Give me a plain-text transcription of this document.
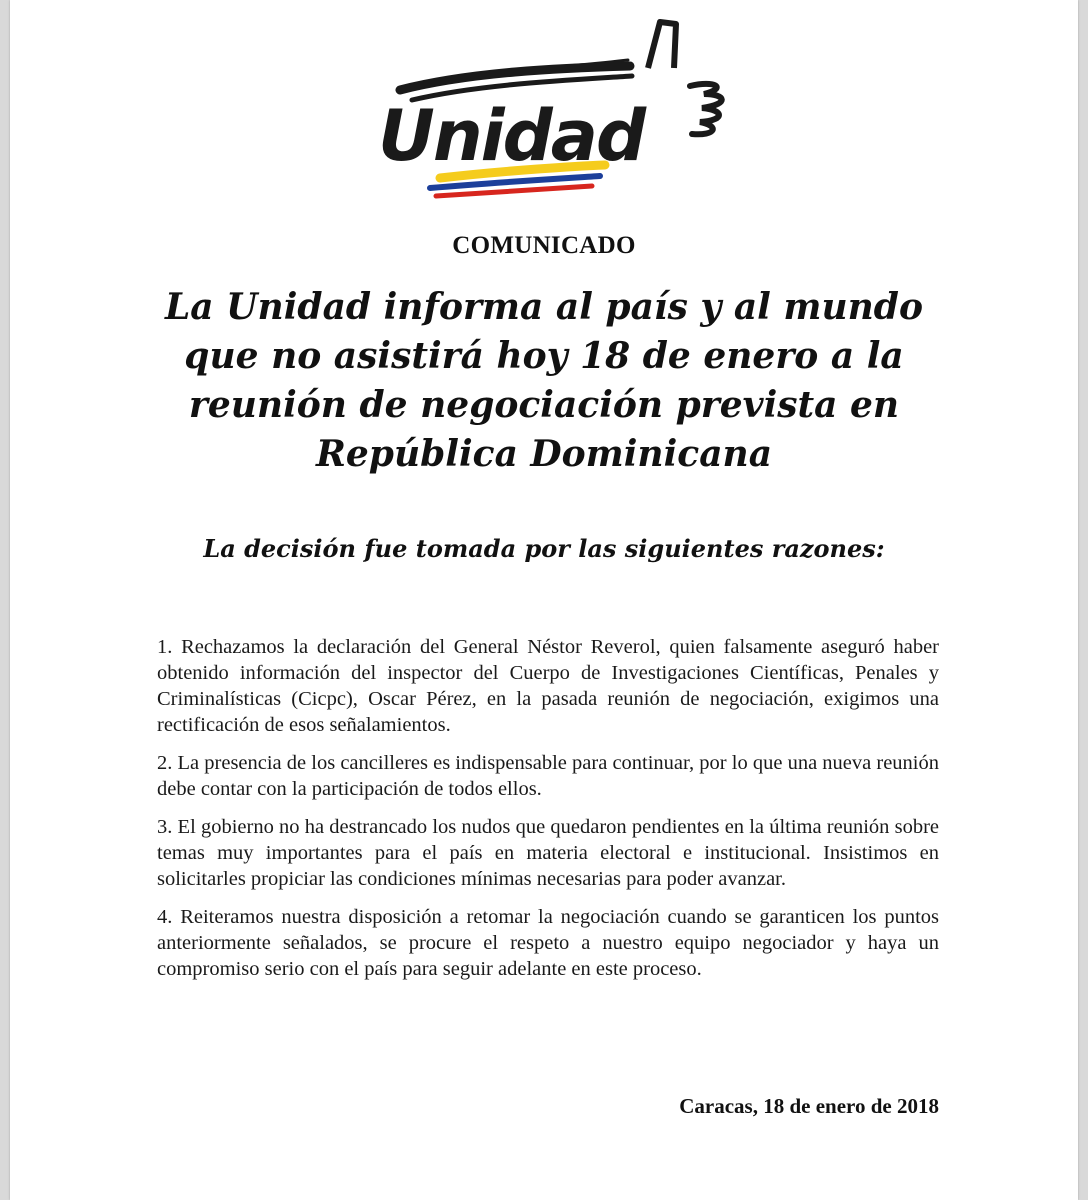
Unidad
COMUNICADO
La Unidad informa al país y al mundo
que no asistirá hoy 18 de enero a la
reunión de negociación prevista en
República Dominicana
La decisión fue tomada por las siguientes razones:

1. Rechazamos la declaración del General Néstor Reverol, quien falsamente aseguró haber obtenido información del inspector del Cuerpo de Investigaciones Científicas, Penales y Criminalísticas (Cicpc), Oscar Pérez, en la pasada reunión de negociación, exigimos una rectificación de esos señalamientos.

2. La presencia de los cancilleres es indispensable para continuar, por lo que una nueva reunión debe contar con la participación de todos ellos.

3. El gobierno no ha destrancado los nudos que quedaron pendientes en la última reunión sobre temas muy importantes para el país en materia electoral e institucional. Insistimos en solicitarles propiciar las condiciones mínimas necesarias para poder avanzar.

4. Reiteramos nuestra disposición a retomar la negociación cuando se garanticen los puntos anteriormente señalados, se procure el respeto a nuestro equipo negociador y haya un compromiso serio con el país para seguir adelante en este proceso.

Caracas, 18 de enero de 2018
